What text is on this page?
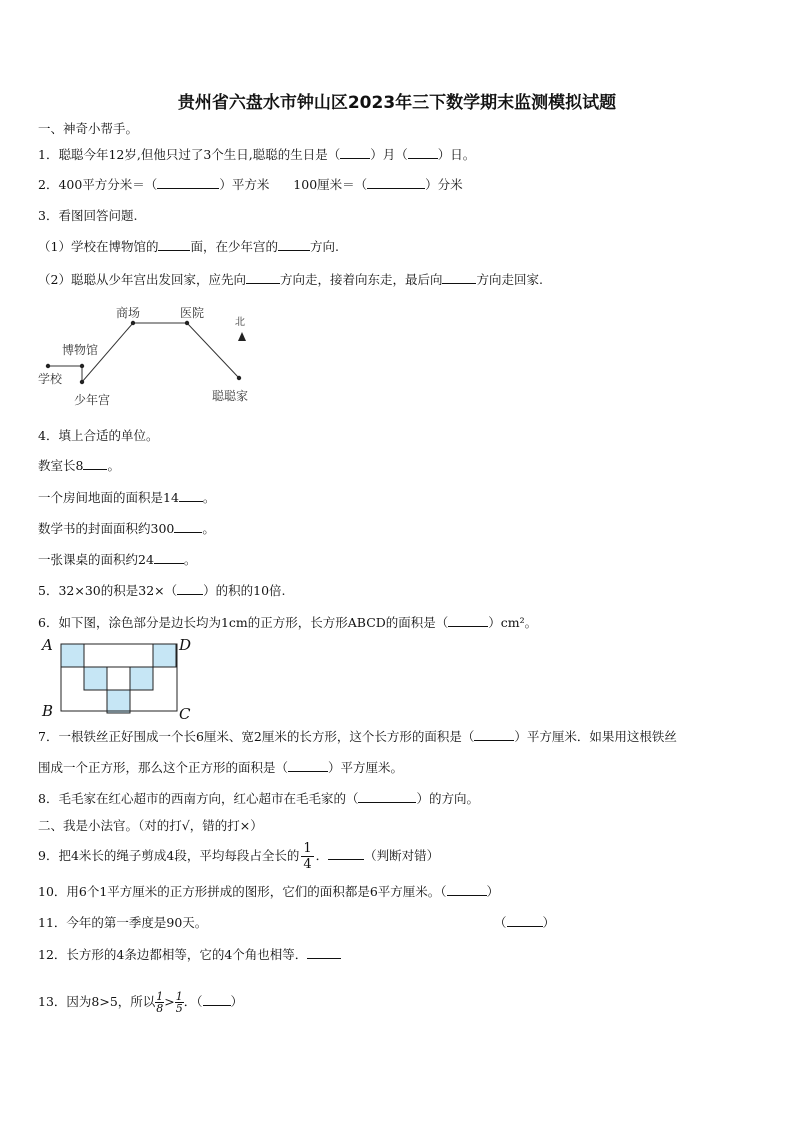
贵州省六盘水市钟山区2023年三下数学期末监测模拟试题
一、神奇小帮手。
1．聪聪今年12岁,但他只过了3个生日,聪聪的生日是（ ）月（ ）日。
2．400平方分米＝（	）平方米 100厘米＝（	）分米
3．看图回答问题.
（1）学校在博物馆的	面，在少年宫的	方向.
（2）聪聪从少年宫出发回家，应先向	方向走，接着向东走，最后向	方向走回家.
商场	医院
博物馆
学校
少年宫	聪聪家
北
4．填上合适的单位。
教室长8 。
一个房间地面的面积是14 。
数学书的封面面积约300 。
一张课桌的面积约24 。
5．32×30的积是32×（ ）的积的10倍.
6．如下图，涂色部分是边长均为1cm的正方形，长方形ABCD的面积是（	）cm²。
A	D
B	C
7．一根铁丝正好围成一个长6厘米、宽2厘米的长方形，这个长方形的面积是（	）平方厘米．如果用这根铁丝
围成一个正方形，那么这个正方形的面积是（	）平方厘米。
8．毛毛家在红心超市的西南方向，红心超市在毛毛家的（	）的方向。
二、我是小法官。（对的打√，错的打×）
9．把4米长的绳子剪成4段，平均每段占全长的 $\frac{1}{4}$ ．	（判断对错）
10．用6个1平方厘米的正方形拼成的图形，它们的面积都是6平方厘米。（	）
11．今年的第一季度是90天。	（	）
12．长方形的4条边都相等，它的4个角也相等．
13．因为8>5，所以 $\frac{1}{8} > \frac{1}{5}$ ．（ ）
